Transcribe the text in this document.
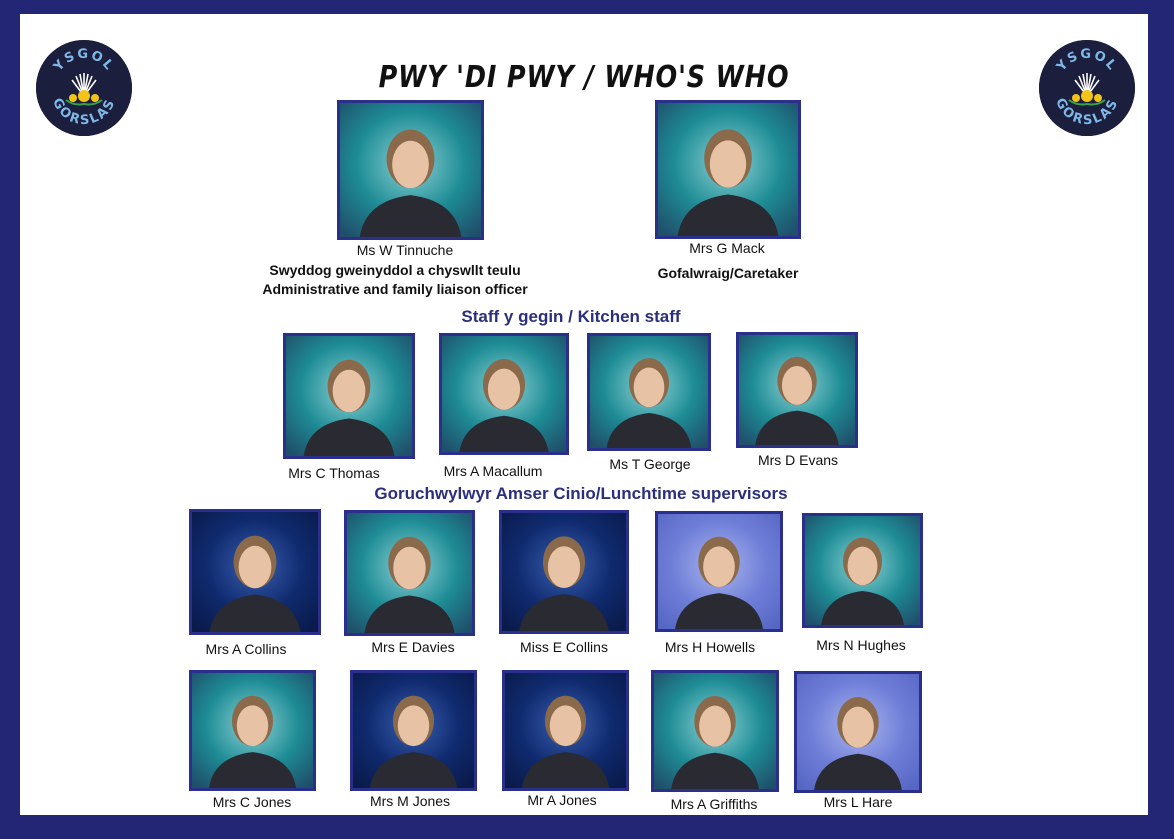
PWY 'DI PWY / WHO'S WHO
YSGOL
GORSLAS
YSGOL
GORSLAS
Ms W Tinnuche
Swyddog gweinyddol a chyswllt teulu
Administrative and family liaison officer
Mrs G Mack
Gofalwraig/Caretaker
Staff y gegin / Kitchen staff
Mrs C Thomas	Mrs A Macallum	Ms T George	Mrs D Evans
Goruchwylwyr Amser Cinio/Lunchtime supervisors
Mrs A Collins	Mrs E Davies	Miss E Collins	Mrs H Howells	Mrs N Hughes
Mrs C Jones	Mrs M Jones	Mr A Jones	Mrs A Griffiths	Mrs L Hare
